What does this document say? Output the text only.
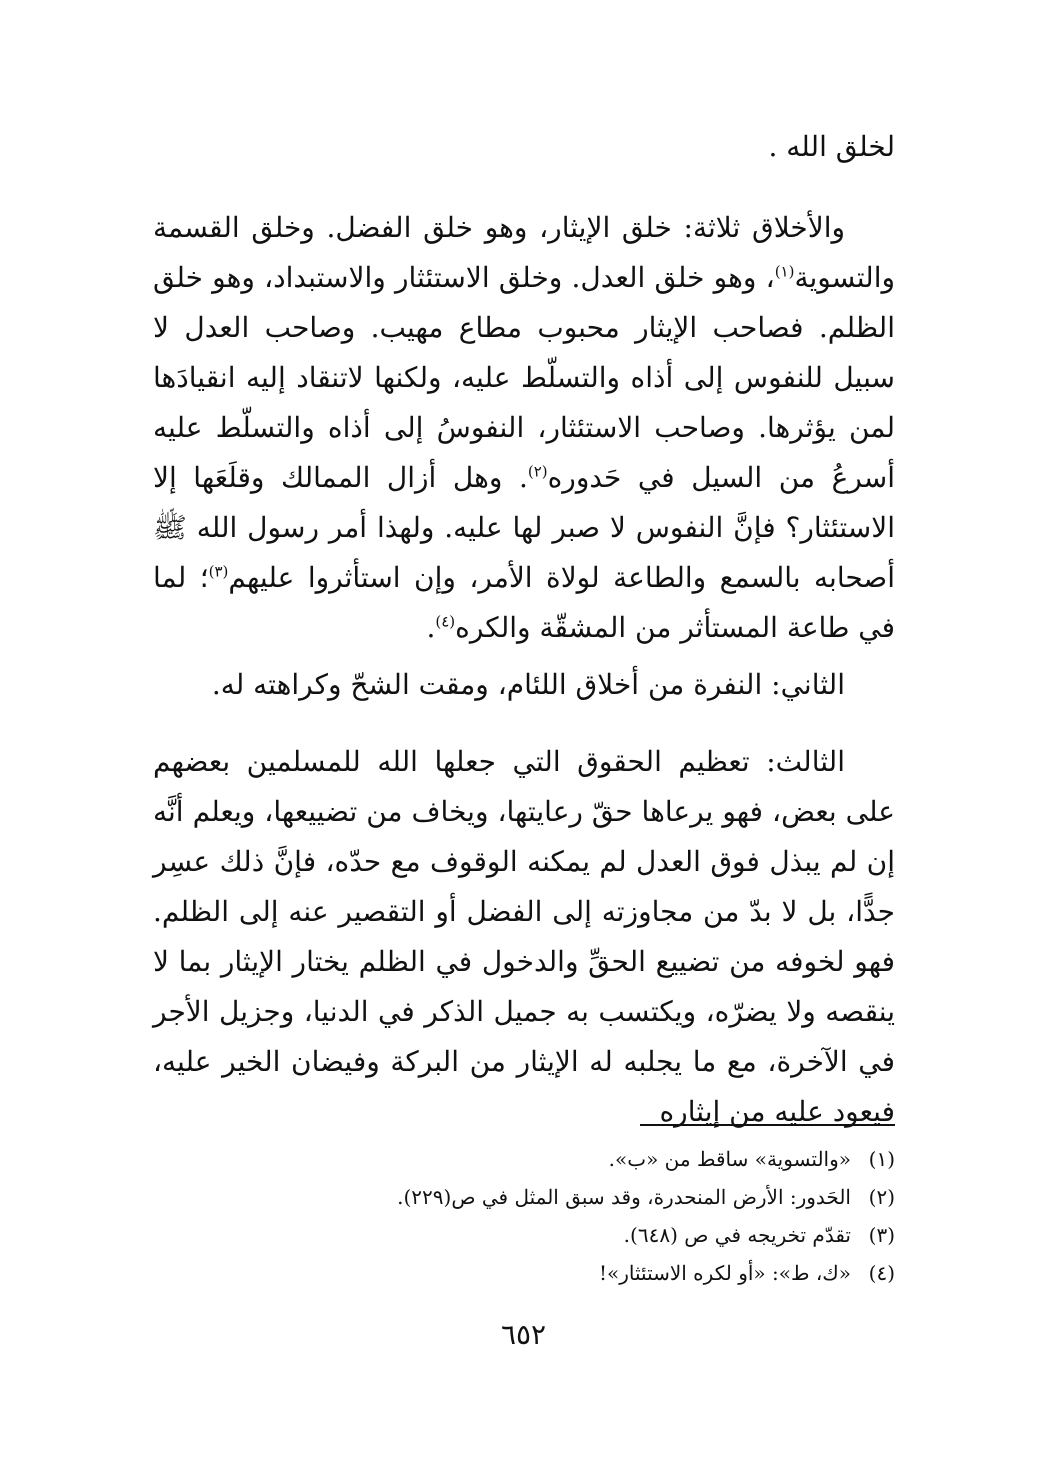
لخلق الله .

والأخلاق ثلاثة: خلق الإيثار، وهو خلق الفضل. وخلق القسمة والتسوية$^{(١)}$، وهو خلق العدل. وخلق الاستئثار والاستبداد، وهو خلق الظلم. فصاحب الإيثار محبوب مطاع مهيب. وصاحب العدل لا سبيل للنفوس إلى أذاه والتسلّط عليه، ولكنها لاتنقاد إليه انقيادَها لمن يؤثرها. وصاحب الاستئثار، النفوسُ إلى أذاه والتسلّط عليه أسرعُ من السيل في حَدوره$^{(٢)}$. وهل أزال الممالك وقلَعَها إلا الاستئثار؟ فإنَّ النفوس لا صبر لها عليه. ولهذا أمر رسول الله ﷺ أصحابه بالسمع والطاعة لولاة الأمر، وإن استأثروا عليهم$^{(٣)}$؛ لما في طاعة المستأثر من المشقّة والكره$^{(٤)}$.

الثاني: النفرة من أخلاق اللئام، ومقت الشحّ وكراهته له.

الثالث: تعظيم الحقوق التي جعلها الله للمسلمين بعضهم على بعض، فهو يرعاها حقّ رعايتها، ويخاف من تضييعها، ويعلم أنَّه إن لم يبذل فوق العدل لم يمكنه الوقوف مع حدّه، فإنَّ ذلك عسِر جدًّا، بل لا بدّ من مجاوزته إلى الفضل أو التقصير عنه إلى الظلم. فهو لخوفه من تضييع الحقِّ والدخول في الظلم يختار الإيثار بما لا ينقصه ولا يضرّه، ويكتسب به جميل الذكر في الدنيا، وجزيل الأجر في الآخرة، مع ما يجلبه له الإيثار من البركة وفيضان الخير عليه، فيعود عليه من إيثاره

(١)«والتسوية» ساقط من «ب».
(٢)الحَدور: الأرض المنحدرة، وقد سبق المثل في ص(٢٢٩).
(٣)تقدّم تخريجه في ص (٦٤٨).
(٤)«ك، ط»: «أو لكره الاستئثار»!
٦٥٢
